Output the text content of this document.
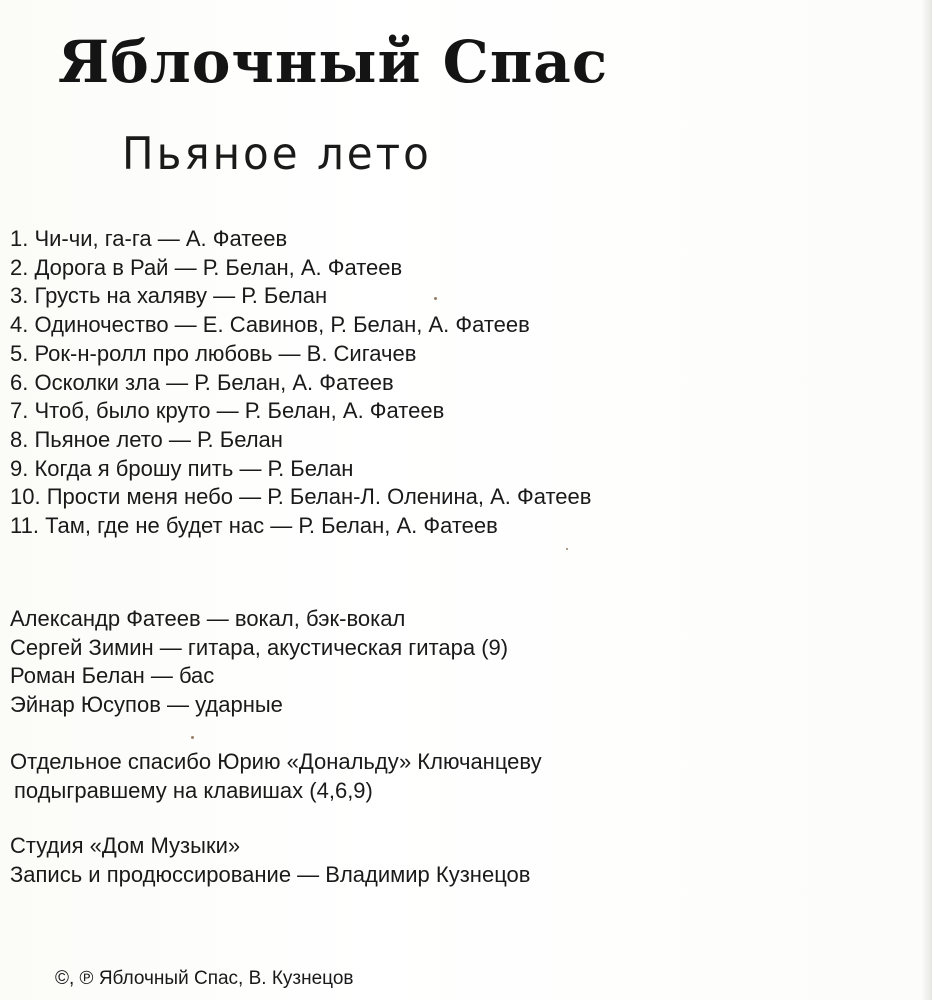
Яблочный Спас
Пьяное лето
1. Чи-чи, га-га — А. Фатеев
2. Дорога в Рай — Р. Белан, А. Фатеев
3. Грусть на халяву — Р. Белан
4. Одиночество — Е. Савинов, Р. Белан, А. Фатеев
5. Рок-н-ролл про любовь — В. Сигачев
6. Осколки зла — Р. Белан, А. Фатеев
7. Чтоб, было круто — Р. Белан, А. Фатеев
8. Пьяное лето — Р. Белан
9. Когда я брошу пить — Р. Белан
10. Прости меня небо — Р. Белан-Л. Оленина, А. Фатеев
11. Там, где не будет нас — Р. Белан, А. Фатеев
Александр Фатеев — вокал, бэк-вокал
Сергей Зимин — гитара, акустическая гитара (9)
Роман Белан — бас
Эйнар Юсупов — ударные
Отдельное спасибо Юрию «Дональду» Ключанцеву
подыгравшему на клавишах (4,6,9)
Студия «Дом Музыки»
Запись и продюссирование — Владимир Кузнецов
©, ℗ Яблочный Спас, В. Кузнецов
